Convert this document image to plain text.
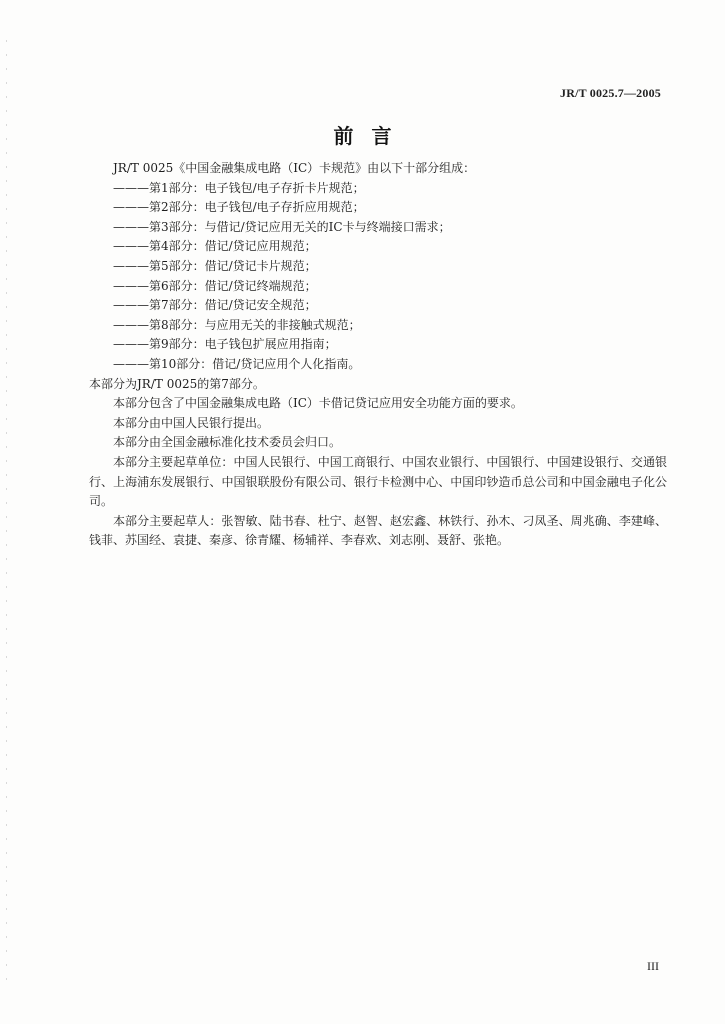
JR/T 0025.7—2005
前言

JR/T 0025《中国金融集成电路（IC）卡规范》由以下十部分组成：

———第1部分：电子钱包/电子存折卡片规范；

———第2部分：电子钱包/电子存折应用规范；

———第3部分：与借记/贷记应用无关的IC卡与终端接口需求；

———第4部分：借记/贷记应用规范；

———第5部分：借记/贷记卡片规范；

———第6部分：借记/贷记终端规范；

———第7部分：借记/贷记安全规范；

———第8部分：与应用无关的非接触式规范；

———第9部分：电子钱包扩展应用指南；

———第10部分：借记/贷记应用个人化指南。

本部分为JR/T 0025的第7部分。

本部分包含了中国金融集成电路（IC）卡借记贷记应用安全功能方面的要求。

本部分由中国人民银行提出。

本部分由全国金融标准化技术委员会归口。

本部分主要起草单位：中国人民银行、中国工商银行、中国农业银行、中国银行、中国建设银行、交通银行、上海浦东发展银行、中国银联股份有限公司、银行卡检测中心、中国印钞造币总公司和中国金融电子化公司。

本部分主要起草人：张智敏、陆书春、杜宁、赵智、赵宏鑫、林铁行、孙木、刁凤圣、周兆确、李建峰、钱菲、苏国经、袁捷、秦彦、徐青耀、杨辅祥、李春欢、刘志刚、聂舒、张艳。

III
